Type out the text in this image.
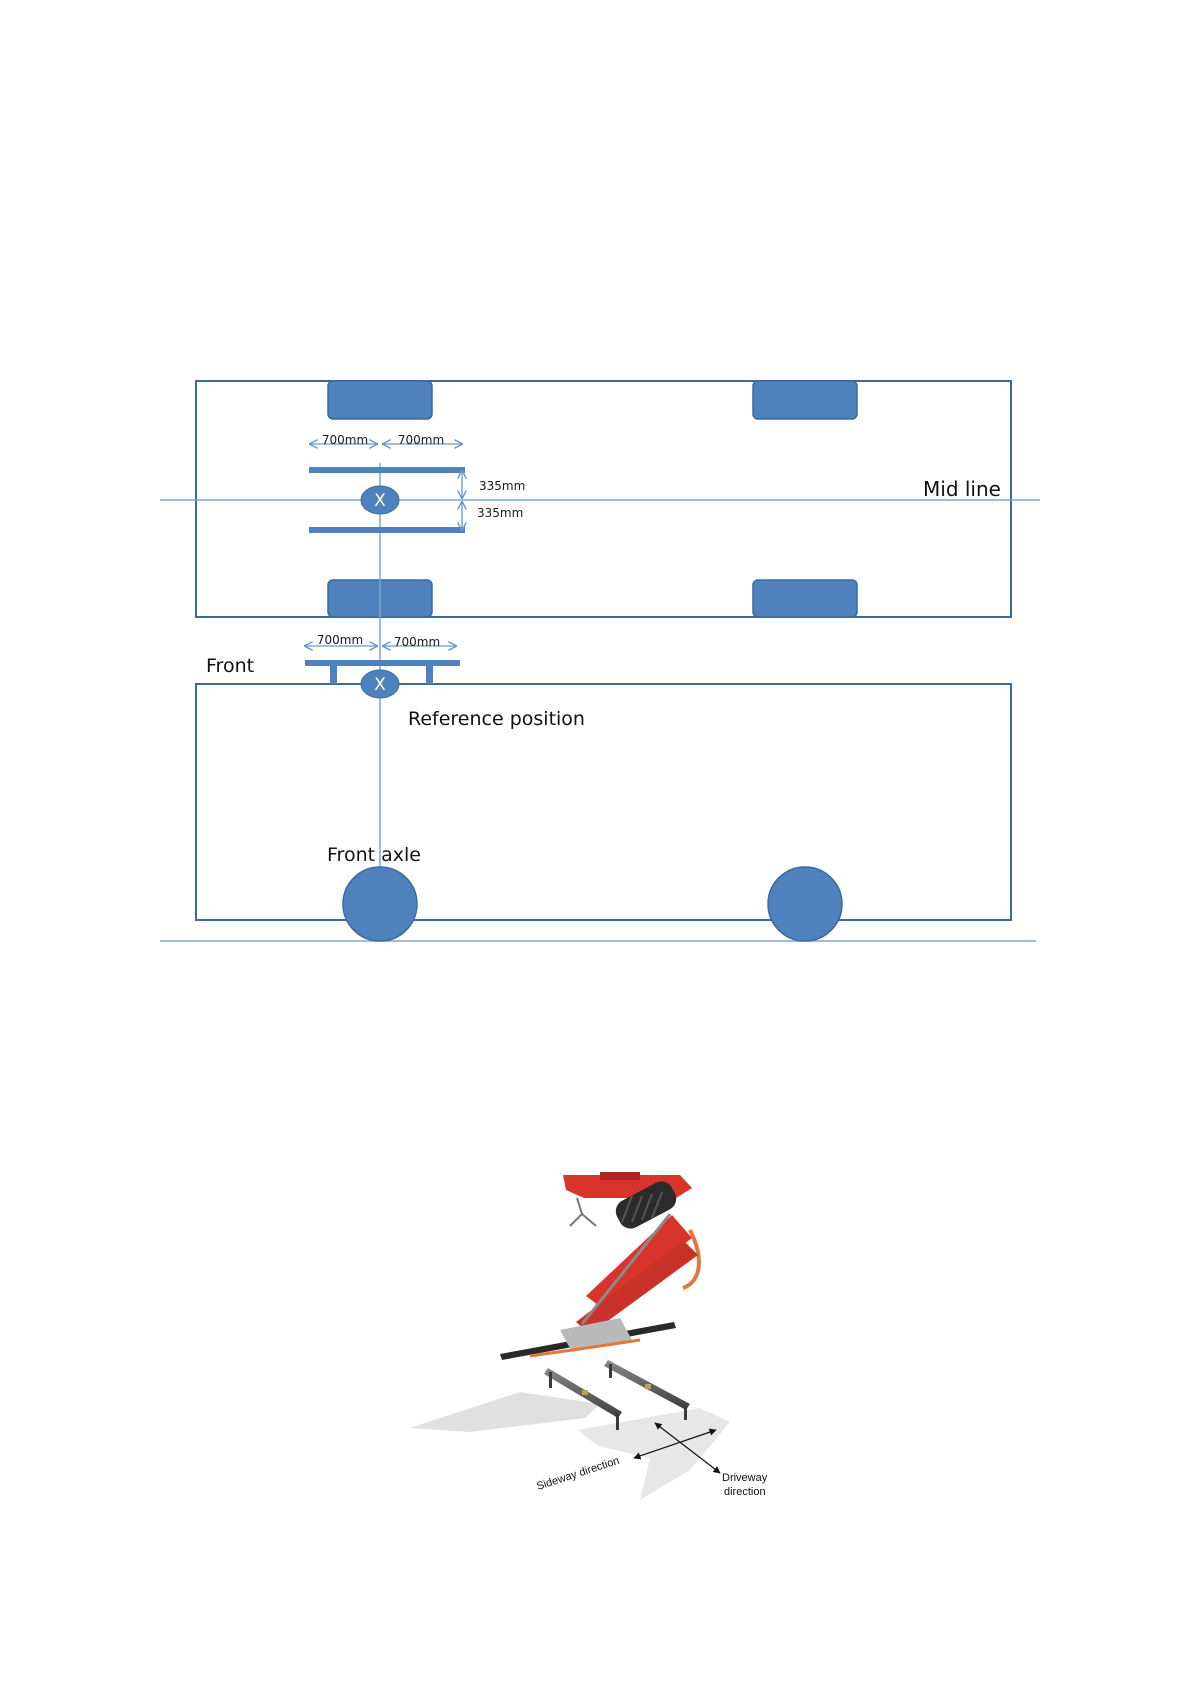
X
700mm 700mm
335mm
335mm
Mid line
X
700mm	700mm
Front
Reference position
Front axle
Sideway direction	Driveway
direction
